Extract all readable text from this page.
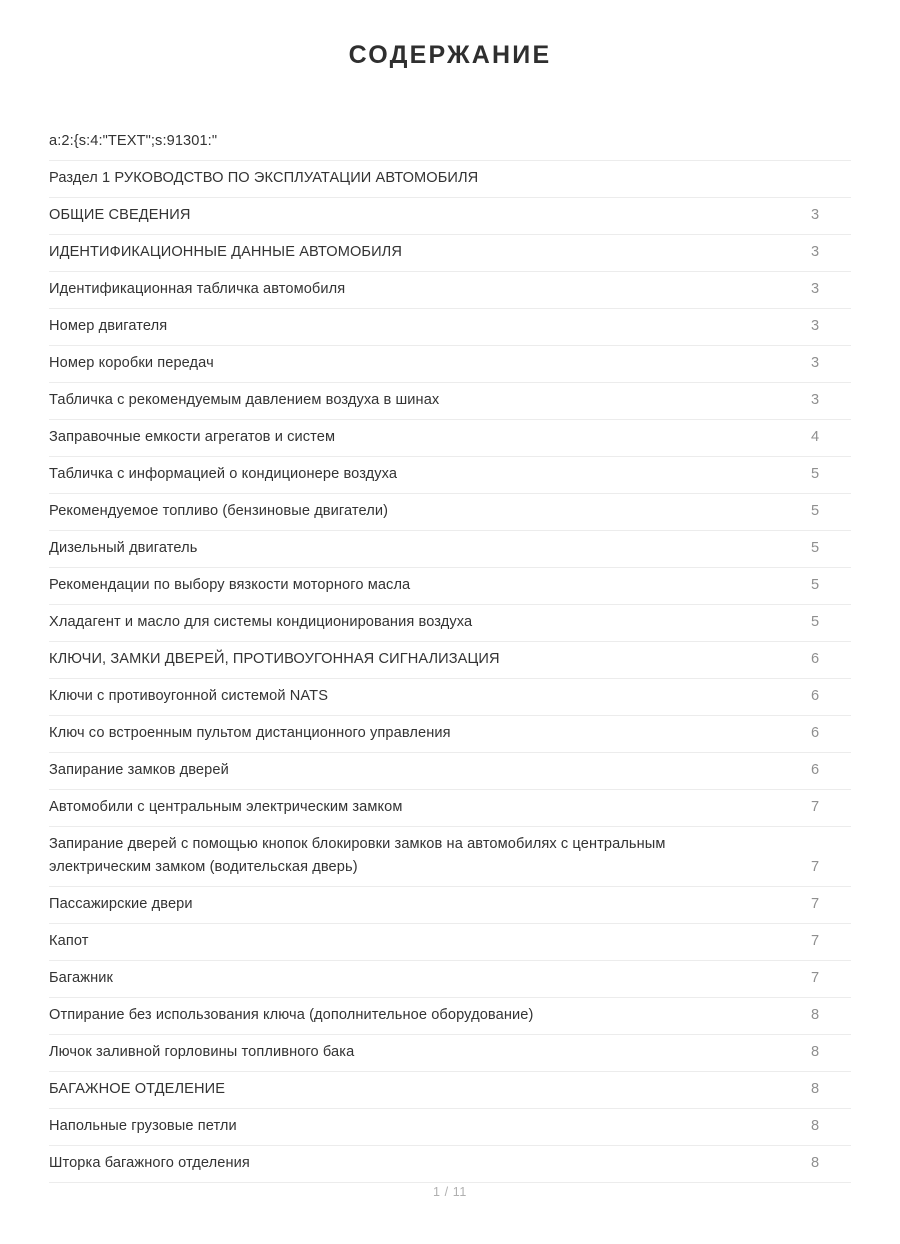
СОДЕРЖАНИЕ
a:2:{s:4:"TEXT";s:91301:"
Раздел 1 РУКОВОДСТВО ПО ЭКСПЛУАТАЦИИ АВТОМОБИЛЯ
ОБЩИЕ СВЕДЕНИЯ	3
ИДЕНТИФИКАЦИОННЫЕ ДАННЫЕ АВТОМОБИЛЯ	3
Идентификационная табличка автомобиля	3
Номер двигателя	3
Номер коробки передач	3
Табличка с рекомендуемым давлением воздуха в шинах	3
Заправочные емкости агрегатов и систем	4
Табличка с информацией о кондиционере воздуха	5
Рекомендуемое топливо (бензиновые двигатели)	5
Дизельный двигатель	5
Рекомендации по выбору вязкости моторного масла	5
Хладагент и масло для системы кондиционирования воздуха	5
КЛЮЧИ, ЗАМКИ ДВЕРЕЙ, ПРОТИВОУГОННАЯ СИГНАЛИЗАЦИЯ	6
Ключи с противоугонной системой NATS	6
Ключ со встроенным пультом дистанционного управления	6
Запирание замков дверей	6
Автомобили с центральным электрическим замком	7
Запирание дверей с помощью кнопок блокировки замков на автомобилях с центральным электрическим замком (водительская дверь)	7
Пассажирские двери	7
Капот	7
Багажник	7
Отпирание без использования ключа (дополнительное оборудование)	8
Лючок заливной горловины топливного бака	8
БАГАЖНОЕ ОТДЕЛЕНИЕ	8
Напольные грузовые петли	8
Шторка багажного отделения	8
1 / 11
